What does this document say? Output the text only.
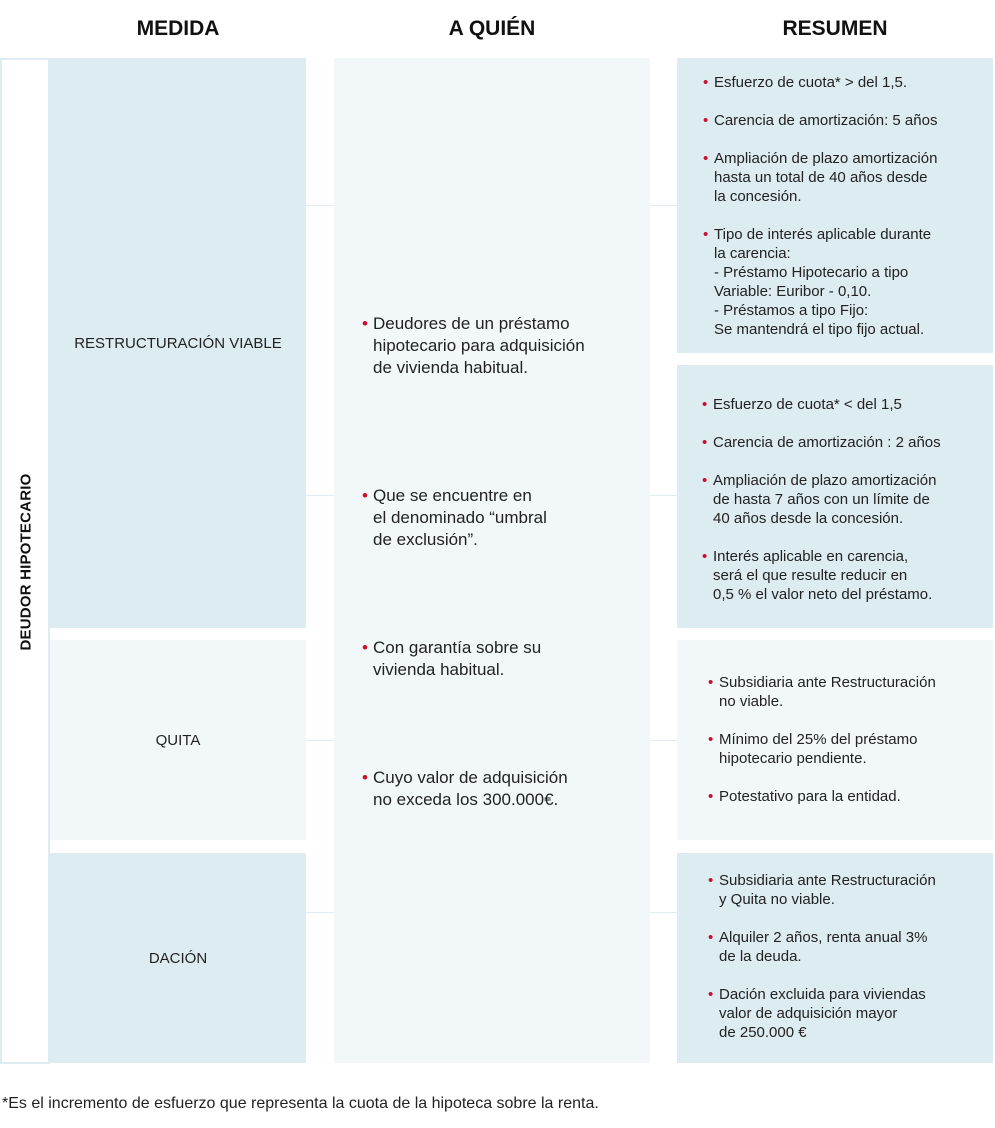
MEDIDA	A QUIÉN	RESUMEN
DEUDOR HIPOTECARIO
RESTRUCTURACIÓN VIABLE
QUITA
DACIÓN
• Deudores de un préstamo
hipotecario para adquisición
de vivienda habitual.
• Que se encuentre en
el denominado “umbral
de exclusión”.
• Con garantía sobre su
vivienda habitual.
• Cuyo valor de adquisición
no exceda los 300.000€.
• Esfuerzo de cuota* > del 1,5.
• Carencia de amortización: 5 años
• Ampliación de plazo amortización
hasta un total de 40 años desde
la concesión.
• Tipo de interés aplicable durante
la carencia:
- Préstamo Hipotecario a tipo
Variable: Euribor - 0,10.
- Préstamos a tipo Fijo:
Se mantendrá el tipo fijo actual.
• Esfuerzo de cuota* < del 1,5
• Carencia de amortización : 2 años
• Ampliación de plazo amortización
de hasta 7 años con un límite de
40 años desde la concesión.
• Interés aplicable en carencia,
será el que resulte reducir en
0,5 % el valor neto del préstamo.
• Subsidiaria ante Restructuración
no viable.
• Mínimo del 25% del préstamo
hipotecario pendiente.
• Potestativo para la entidad.
• Subsidiaria ante Restructuración
y Quita no viable.
• Alquiler 2 años, renta anual 3%
de la deuda.
• Dación excluida para viviendas
valor de adquisición mayor
de 250.000 €
*Es el incremento de esfuerzo que representa la cuota de la hipoteca sobre la renta.
